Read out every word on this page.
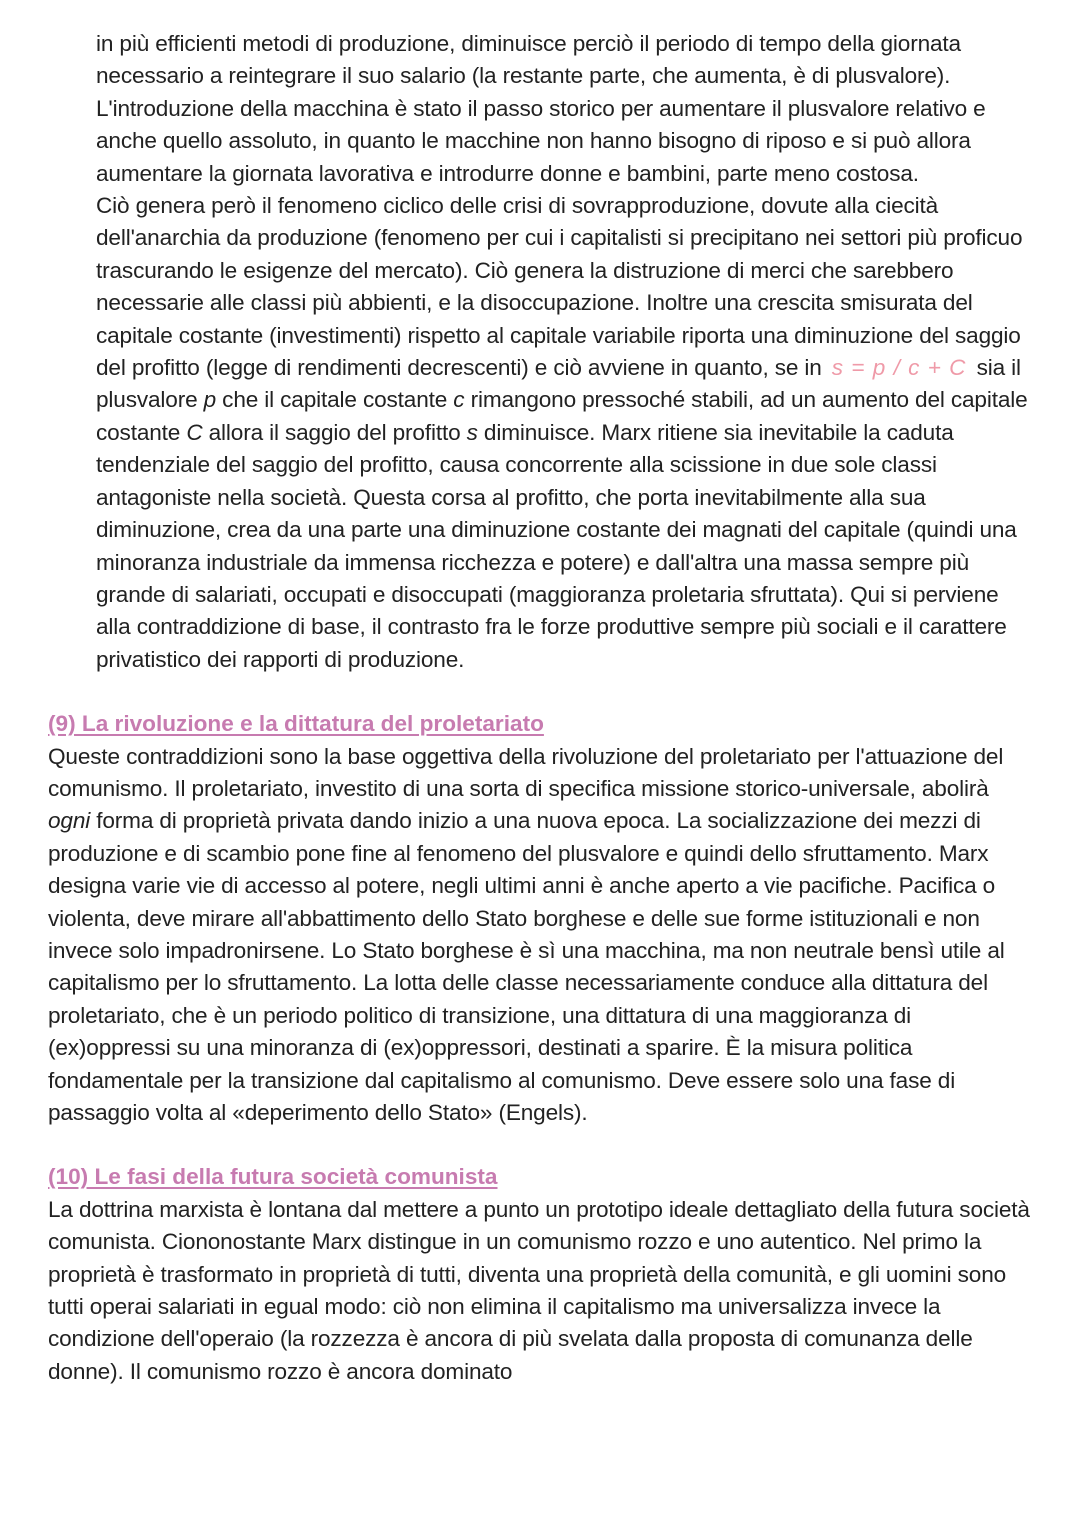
in più efficienti metodi di produzione, diminuisce perciò il periodo di tempo della giornata necessario a reintegrare il suo salario (la restante parte, che aumenta, è di plusvalore). L'introduzione della macchina è stato il passo storico per aumentare il plusvalore relativo e anche quello assoluto, in quanto le macchine non hanno bisogno di riposo e si può allora aumentare la giornata lavorativa e introdurre donne e bambini, parte meno costosa.

Ciò genera però il fenomeno ciclico delle crisi di sovrapproduzione, dovute alla ciecità dell'anarchia da produzione (fenomeno per cui i capitalisti si precipitano nei settori più proficuo trascurando le esigenze del mercato). Ciò genera la distruzione di merci che sarebbero necessarie alle classi più abbienti, e la disoccupazione. Inoltre una crescita smisurata del capitale costante (investimenti) rispetto al capitale variabile riporta una diminuzione del saggio del profitto (legge di rendimenti decrescenti) e ciò avviene in quanto, se in s = p / c + C sia il plusvalore p che il capitale costante c rimangono pressoché stabili, ad un aumento del capitale costante C allora il saggio del profitto s diminuisce. Marx ritiene sia inevitabile la caduta tendenziale del saggio del profitto, causa concorrente alla scissione in due sole classi antagoniste nella società. Questa corsa al profitto, che porta inevitabilmente alla sua diminuzione, crea da una parte una diminuzione costante dei magnati del capitale (quindi una minoranza industriale da immensa ricchezza e potere) e dall'altra una massa sempre più grande di salariati, occupati e disoccupati (maggioranza proletaria sfruttata). Qui si perviene alla contraddizione di base, il contrasto fra le forze produttive sempre più sociali e il carattere privatistico dei rapporti di produzione.

(9) La rivoluzione e la dittatura del proletariato

Queste contraddizioni sono la base oggettiva della rivoluzione del proletariato per l'attuazione del comunismo. Il proletariato, investito di una sorta di specifica missione storico-universale, abolirà ogni forma di proprietà privata dando inizio a una nuova epoca. La socializzazione dei mezzi di produzione e di scambio pone fine al fenomeno del plusvalore e quindi dello sfruttamento. Marx designa varie vie di accesso al potere, negli ultimi anni è anche aperto a vie pacifiche. Pacifica o violenta, deve mirare all'abbattimento dello Stato borghese e delle sue forme istituzionali e non invece solo impadronirsene. Lo Stato borghese è sì una macchina, ma non neutrale bensì utile al capitalismo per lo sfruttamento. La lotta delle classe necessariamente conduce alla dittatura del proletariato, che è un periodo politico di transizione, una dittatura di una maggioranza di (ex)oppressi su una minoranza di (ex)oppressori, destinati a sparire. È la misura politica fondamentale per la transizione dal capitalismo al comunismo. Deve essere solo una fase di passaggio volta al «deperimento dello Stato» (Engels).

(10) Le fasi della futura società comunista

La dottrina marxista è lontana dal mettere a punto un prototipo ideale dettagliato della futura società comunista. Ciononostante Marx distingue in un comunismo rozzo e uno autentico. Nel primo la proprietà è trasformato in proprietà di tutti, diventa una proprietà della comunità, e gli uomini sono tutti operai salariati in egual modo: ciò non elimina il capitalismo ma universalizza invece la condizione dell'operaio (la rozzezza è ancora di più svelata dalla proposta di comunanza delle donne). Il comunismo rozzo è ancora dominato
